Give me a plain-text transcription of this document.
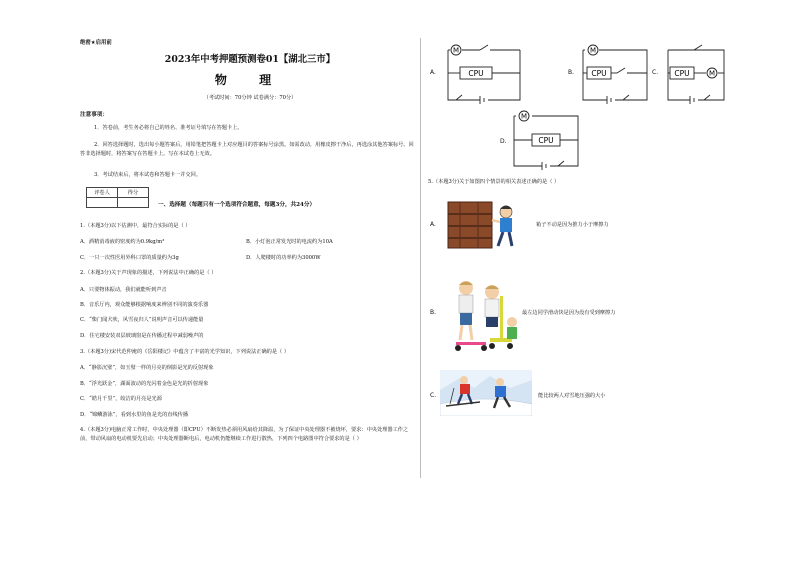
绝密★启用前
2023年中考押题预测卷01【湖北三市】
物 理
（考试时间：70分钟 试卷满分：70分）
注意事项：
1．答卷前，考生务必将自己的姓名、准考证号填写在答题卡上。
2．回答选择题时，选出每小题答案后，用铅笔把答题卡上对应题目的答案标号涂黑。如需改动，用橡皮擦干净后，再选涂其他答案标号。回答非选择题时，将答案写在答题卡上。写在本试卷上无效。
3．考试结束后，将本试卷和答题卡一并交回。
评卷人	得分

一、选择题（每题只有一个选项符合题意，每题3分，共24分）
1.（本题3分)以下估测中，最符合实际的是（ ）
A．酒精消毒液的密度约为0.9kg/m³	B．小灯泡正常发光时的电流约为10A
C．一只一次性医用外科口罩的质量约为3g	D．人爬楼时的功率约为3000W
2.（本题3分)关于声现象的描述，下列说法中正确的是（ ）
A．只要物体振动，我们就能听到声音
B．音乐厅内，观众能够根据响度来辨别不同的演奏乐器
C．“柴门闻犬吠，风雪夜归人”说明声音可以传递能量
D．住宅楼安装双层玻璃窗是在传播过程中减弱噪声的
3.（本题3分)宋代范仲淹的《岳阳楼记》中蕴含了丰富的光学知识，下列说法正确的是（ ）
A．“静影沉璧”，如玉璧一样的月亮的倒影是光的反射现象
B．“浮光跃金”，湖面波动的光闪着金色是光的折射现象
C．“皓月千里”，皎洁的月亮是光源
D．“锦鳞游泳”，看到水里的鱼是光的直线传播
4.（本题3分)电脑正常工作时，中央处理器（即CPU）不断发热必须用风扇给其降温，为了保证中央处理器不被烧坏，要求：中央处理器工作之前，带动风扇的电动机要先启动；中央处理器断电后，电动机仍能继续工作进行散热，下列四个电路图中符合要求的是（ ）
A.
M
CPU	B.
M
CPU	C.	M
CPU
D.
M
CPU
5.（本题3分)关于如图四个情景的相关表述正确的是（ ）
A.	箱子不动是因为推力小于摩擦力
B.	最左边同学滑动快是因为没有受到摩擦力
C.	能比较两人对雪地压强的大小
